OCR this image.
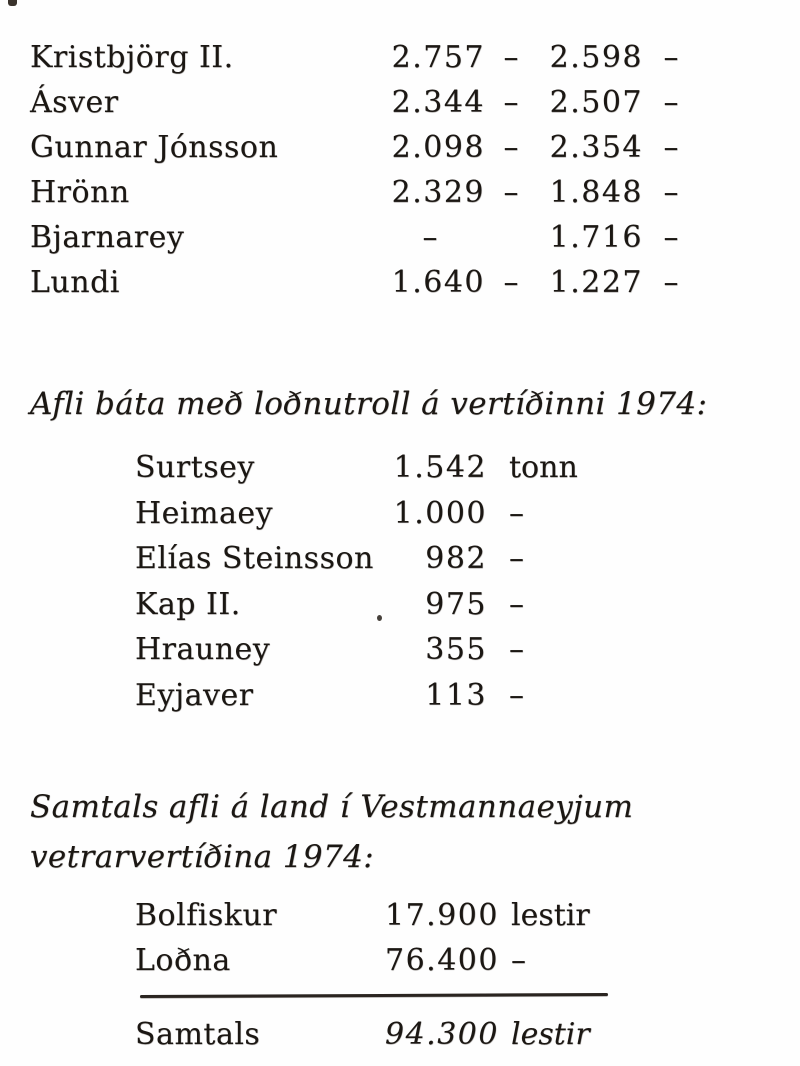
Kristbjörg II.	2.757 –	2.598 –
Ásver	2.344 –	2.507 –
Gunnar Jónsson	2.098 –	2.354 –
Hrönn	2.329 –	1.848 –
Bjarnarey	–	1.716 –
Lundi	1.640 –	1.227 –
Afli báta með loðnutroll á vertíðinni 1974:
Surtsey	1.542 tonn
Heimaey	1.000 –
Elías Steinsson	982 –
Kap II.	975 –
Hrauney	355 –
Eyjaver	113 –
Samtals afli á land í Vestmannaeyjum
vetrarvertíðina 1974:
Bolfiskur	17.900 lestir
Loðna	76.400 –
Samtals	94.300 lestir
